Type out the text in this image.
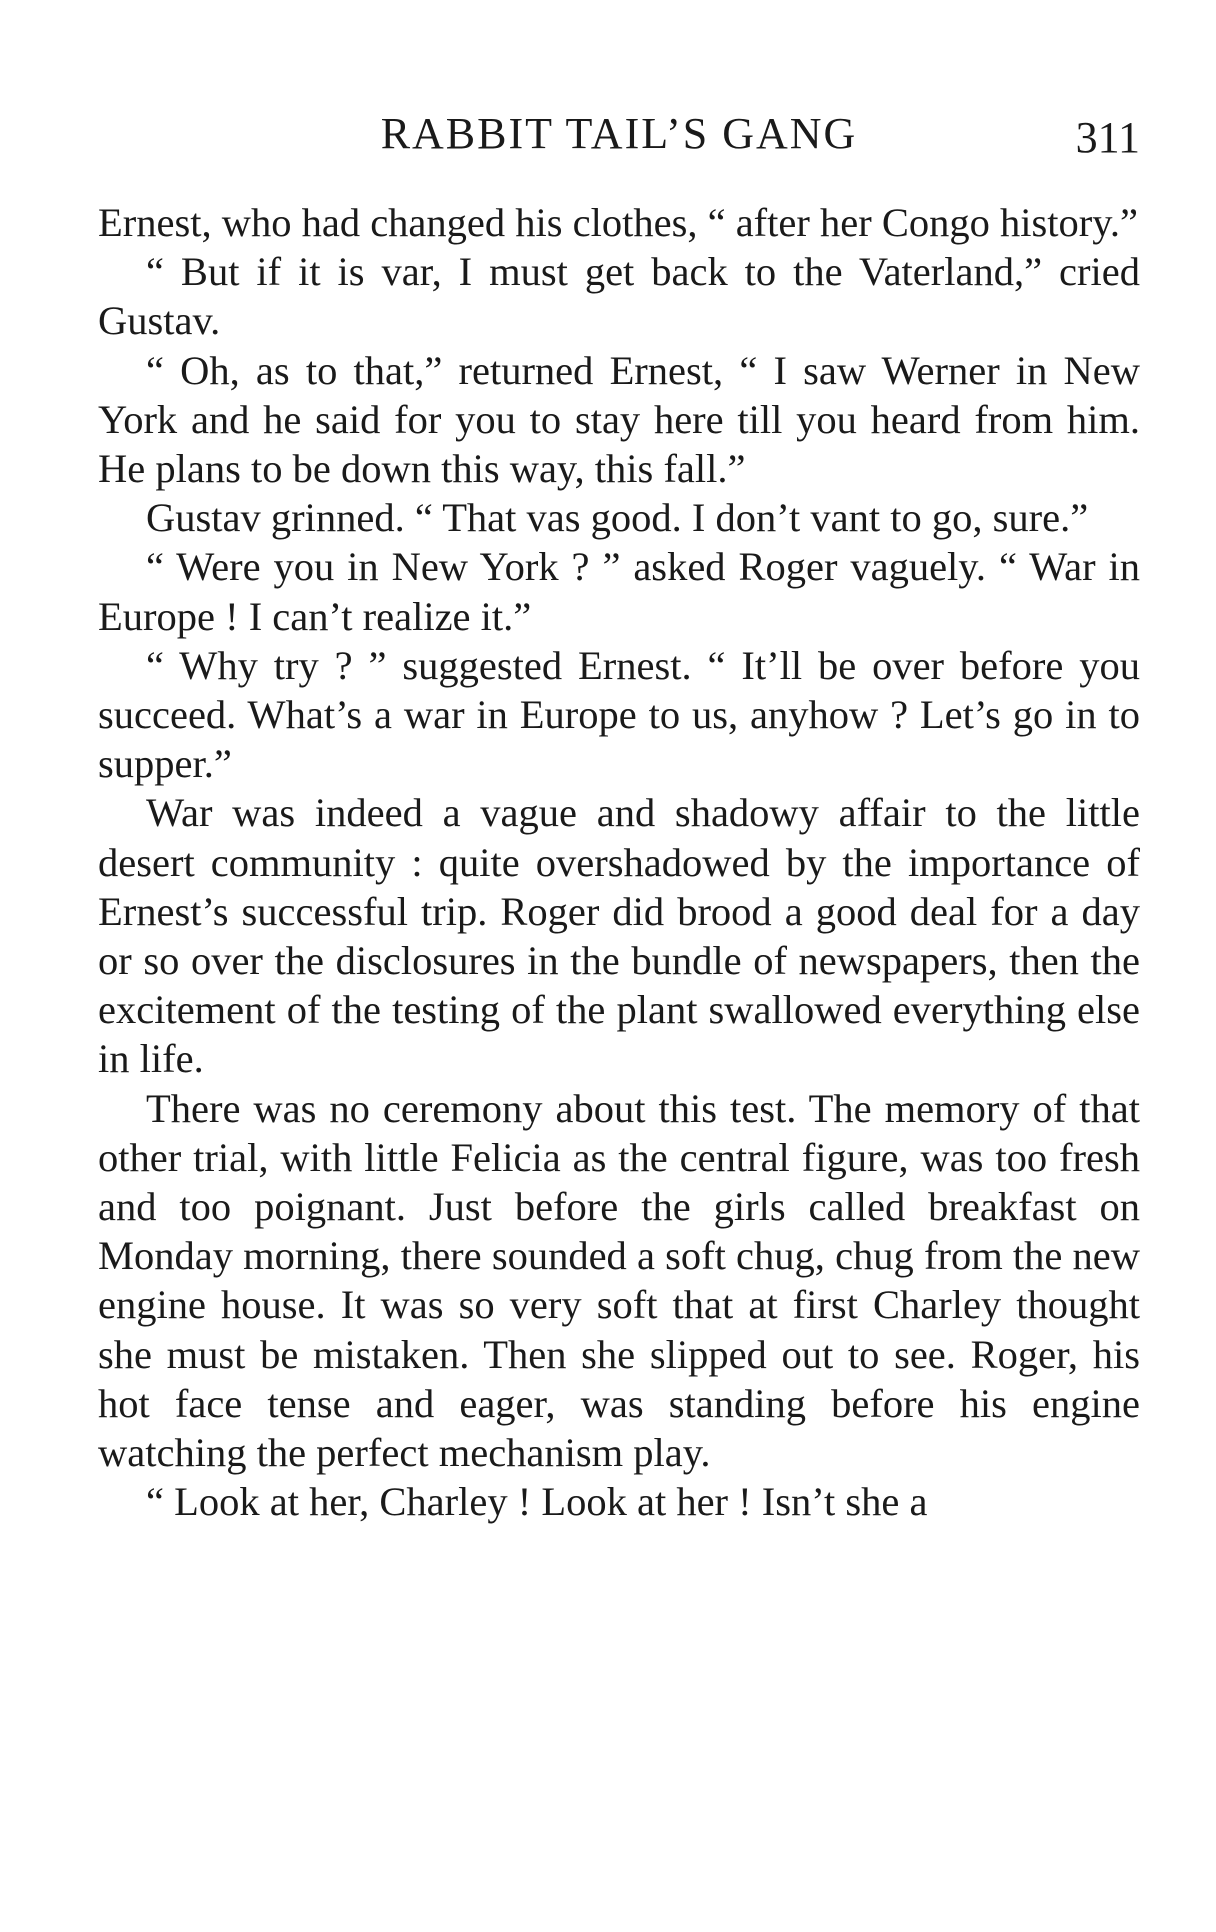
RABBIT TAIL’S GANG	311

Ernest, who had changed his clothes, “ after her Congo history.”

“ But if it is var, I must get back to the Vaterland,” cried Gustav.

“ Oh, as to that,” returned Ernest, “ I saw Werner in New York and he said for you to stay here till you heard from him. He plans to be down this way, this fall.”

Gustav grinned. “ That vas good. I don’t vant to go, sure.”

“ Were you in New York ? ” asked Roger vaguely. “ War in Europe ! I can’t realize it.”

“ Why try ? ” suggested Ernest. “ It’ll be over before you succeed. What’s a war in Europe to us, anyhow ? Let’s go in to supper.”

War was indeed a vague and shadowy affair to the little desert community : quite overshadowed by the importance of Ernest’s successful trip. Roger did brood a good deal for a day or so over the disclosures in the bundle of newspapers, then the excitement of the testing of the plant swallowed everything else in life.

There was no ceremony about this test. The memory of that other trial, with little Felicia as the central figure, was too fresh and too poignant. Just before the girls called breakfast on Monday morning, there sounded a soft chug, chug from the new engine house. It was so very soft that at first Charley thought she must be mistaken. Then she slipped out to see. Roger, his hot face tense and eager, was standing before his engine watching the perfect mechanism play.

“ Look at her, Charley ! Look at her ! Isn’t she a
